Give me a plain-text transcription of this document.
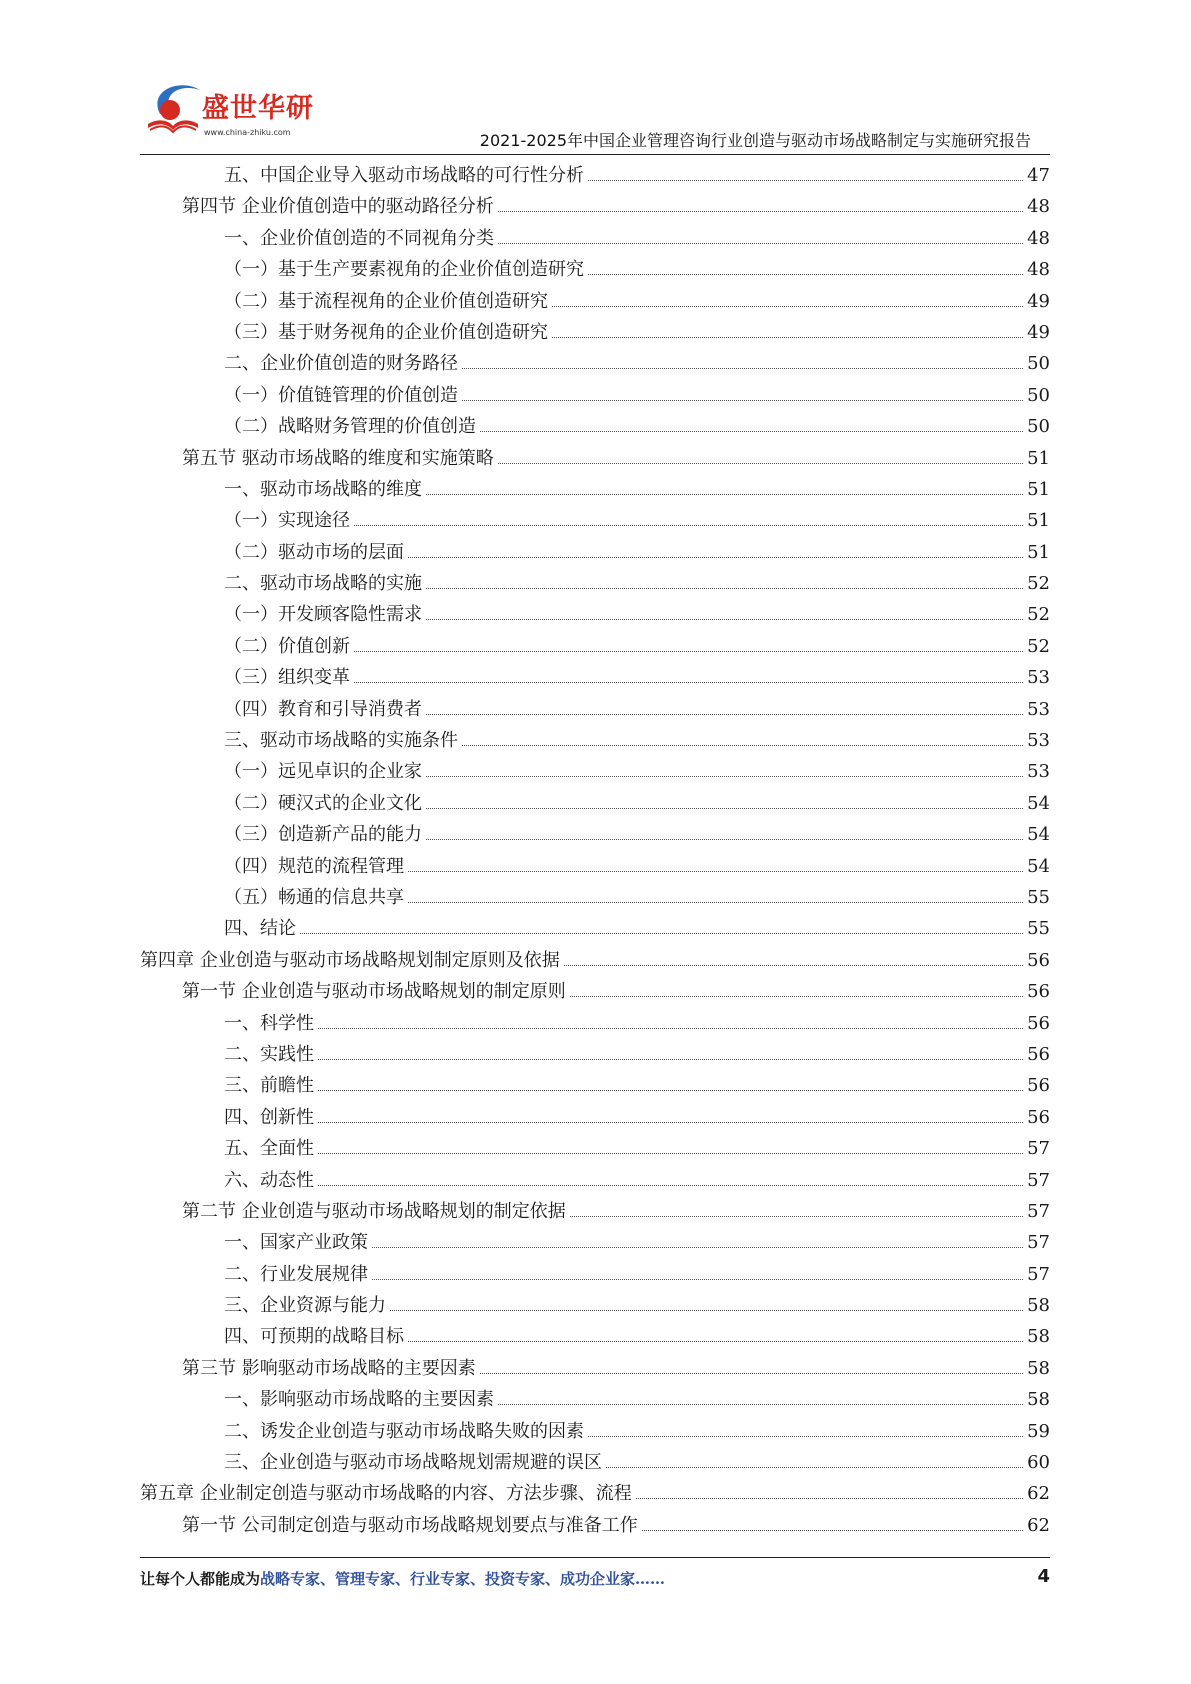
盛世华研
www.china-zhiku.com	2021-2025年中国企业管理咨询行业创造与驱动市场战略制定与实施研究报告
五、中国企业导入驱动市场战略的可行性分析	47
第四节 企业价值创造中的驱动路径分析	48
一、企业价值创造的不同视角分类	48
（一）基于生产要素视角的企业价值创造研究	48
（二）基于流程视角的企业价值创造研究	49
（三）基于财务视角的企业价值创造研究	49
二、企业价值创造的财务路径	50
（一）价值链管理的价值创造	50
（二）战略财务管理的价值创造	50
第五节 驱动市场战略的维度和实施策略	51
一、驱动市场战略的维度	51
（一）实现途径	51
（二）驱动市场的层面	51
二、驱动市场战略的实施	52
（一）开发顾客隐性需求	52
（二）价值创新	52
（三）组织变革	53
（四）教育和引导消费者	53
三、驱动市场战略的实施条件	53
（一）远见卓识的企业家	53
（二）硬汉式的企业文化	54
（三）创造新产品的能力	54
（四）规范的流程管理	54
（五）畅通的信息共享	55
四、结论	55
第四章 企业创造与驱动市场战略规划制定原则及依据	56
第一节 企业创造与驱动市场战略规划的制定原则	56
一、科学性	56
二、实践性	56
三、前瞻性	56
四、创新性	56
五、全面性	57
六、动态性	57
第二节 企业创造与驱动市场战略规划的制定依据	57
一、国家产业政策	57
二、行业发展规律	57
三、企业资源与能力	58
四、可预期的战略目标	58
第三节 影响驱动市场战略的主要因素	58
一、影响驱动市场战略的主要因素	58
二、诱发企业创造与驱动市场战略失败的因素	59
三、企业创造与驱动市场战略规划需规避的误区	60
第五章 企业制定创造与驱动市场战略的内容、方法步骤、流程	62
第一节 公司制定创造与驱动市场战略规划要点与准备工作	62
让每个人都能成为战略专家、管理专家、行业专家、投资专家、成功企业家……	4
